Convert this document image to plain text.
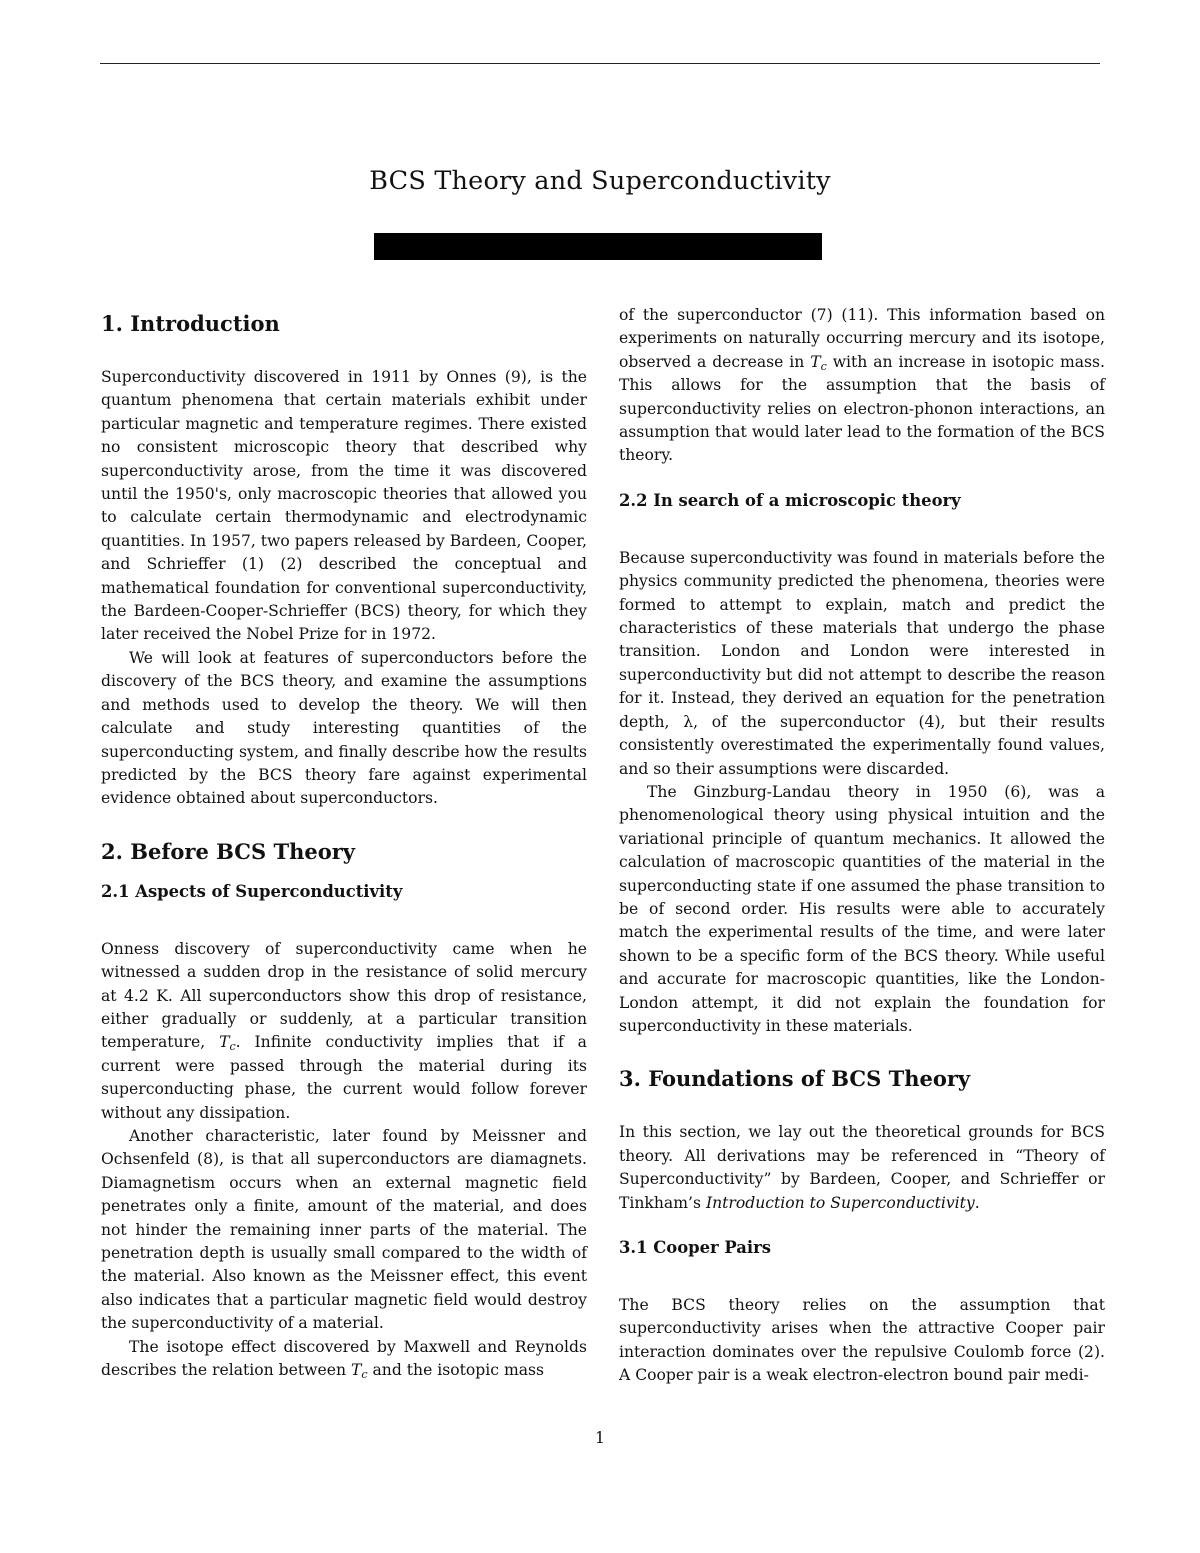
BCS Theory and Superconductivity
1. Introduction

Superconductivity discovered in 1911 by Onnes (9), is the quantum phenomena that certain materials exhibit under particular magnetic and temperature regimes. There existed no consistent microscopic theory that described why superconductivity arose, from the time it was discovered until the 1950's, only macroscopic theories that allowed you to calculate certain thermodynamic and electrodynamic quantities. In 1957, two papers released by Bardeen, Cooper, and Schrieffer (1) (2) described the conceptual and mathematical foundation for conventional superconductivity, the Bardeen-Cooper-Schrieffer (BCS) theory, for which they later received the Nobel Prize for in 1972.

We will look at features of superconductors before the discovery of the BCS theory, and examine the assumptions and methods used to develop the theory. We will then calculate and study interesting quantities of the superconducting system, and finally describe how the results predicted by the BCS theory fare against experimental evidence obtained about superconductors.

2. Before BCS Theory
2.1 Aspects of Superconductivity

Onness discovery of superconductivity came when he witnessed a sudden drop in the resistance of solid mercury at 4.2 K. All superconductors show this drop of resistance, either gradually or suddenly, at a particular transition temperature, $T_c$. Infinite conductivity implies that if a current were passed through the material during its superconducting phase, the current would follow forever without any dissipation.

Another characteristic, later found by Meissner and Ochsenfeld (8), is that all superconductors are diamagnets. Diamagnetism occurs when an external magnetic field penetrates only a finite, amount of the material, and does not hinder the remaining inner parts of the material. The penetration depth is usually small compared to the width of the material. Also known as the Meissner effect, this event also indicates that a particular magnetic field would destroy the superconductivity of a material.

The isotope effect discovered by Maxwell and Reynolds describes the relation between $T_c$ and the isotopic mass

of the superconductor (7) (11). This information based on experiments on naturally occurring mercury and its isotope, observed a decrease in $T_c$ with an increase in isotopic mass. This allows for the assumption that the basis of superconductivity relies on electron-phonon interactions, an assumption that would later lead to the formation of the BCS theory.

2.2 In search of a microscopic theory

Because superconductivity was found in materials before the physics community predicted the phenomena, theories were formed to attempt to explain, match and predict the characteristics of these materials that undergo the phase transition. London and London were interested in superconductivity but did not attempt to describe the reason for it. Instead, they derived an equation for the penetration depth, λ, of the superconductor (4), but their results consistently overestimated the experimentally found values, and so their assumptions were discarded.

The Ginzburg-Landau theory in 1950 (6), was a phenomenological theory using physical intuition and the variational principle of quantum mechanics. It allowed the calculation of macroscopic quantities of the material in the superconducting state if one assumed the phase transition to be of second order. His results were able to accurately match the experimental results of the time, and were later shown to be a specific form of the BCS theory. While useful and accurate for macroscopic quantities, like the London-London attempt, it did not explain the foundation for superconductivity in these materials.

3. Foundations of BCS Theory

In this section, we lay out the theoretical grounds for BCS theory. All derivations may be referenced in “Theory of Superconductivity” by Bardeen, Cooper, and Schrieffer or Tinkham’s Introduction to Superconductivity.

3.1 Cooper Pairs

The BCS theory relies on the assumption that superconductivity arises when the attractive Cooper pair interaction dominates over the repulsive Coulomb force (2). A Cooper pair is a weak electron-electron bound pair medi-

1
